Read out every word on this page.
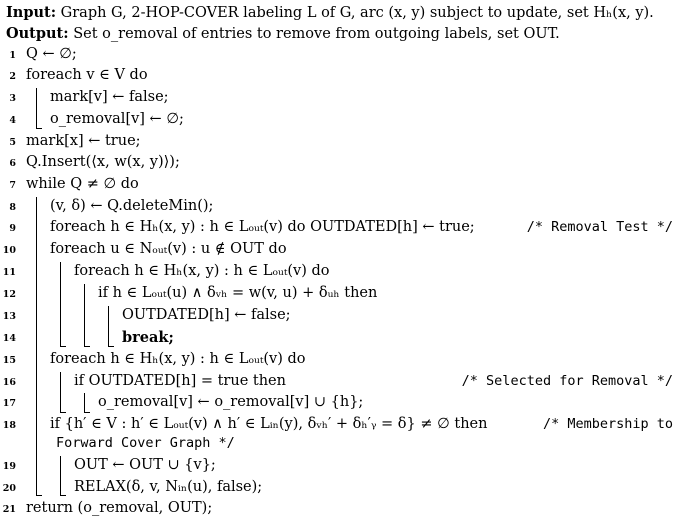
Input: Graph G, 2-HOP-COVER labeling L of G, arc (x, y) subject to update, set Hₕ(x, y).
Output: Set o_removal of entries to remove from outgoing labels, set OUT.
1 Q ← ∅;
2 foreach v ∈ V do
3 mark[v] ← false;
4 o_removal[v] ← ∅;
5 mark[x] ← true;
6 Q.Insert(⟨x, w(x, y)⟩);
7 while Q ≠ ∅ do
8 (v, δ) ← Q.deleteMin();
9 foreach h ∈ Hₕ(x, y) : h ∈ Lₒᵤₜ(v) do OUTDATED[h] ← true;	/* Removal Test */
10 foreach u ∈ Nₒᵤₜ(v) : u ∉ OUT do
11	foreach h ∈ Hₕ(x, y) : h ∈ Lₒᵤₜ(v) do
12	if h ∈ Lₒᵤₜ(u) ∧ δᵥₕ = w(v, u) + δᵤₕ then
13	OUTDATED[h] ← false;
14	break;
15 foreach h ∈ Hₕ(x, y) : h ∈ Lₒᵤₜ(v) do
16	if OUTDATED[h] = true then	/* Selected for Removal */
17	o_removal[v] ← o_removal[v] ∪ {h};
18 if {h′ ∈ V : h′ ∈ Lₒᵤₜ(v) ∧ h′ ∈ Lᵢₙ(y), δᵥₕ′ + δₕ′ᵧ = δ} ≠ ∅ then	/* Membership to
Forward Cover Graph */
19	OUT ← OUT ∪ {v};
20	RELAX(δ, v, Nᵢₙ(u), false);
21 return (o_removal, OUT);
